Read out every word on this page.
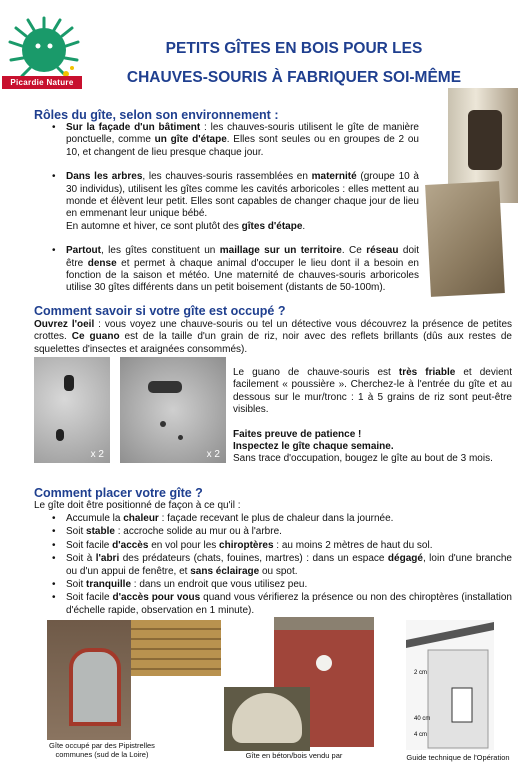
Picardie Nature
PETITS GÎTES EN BOIS POUR LES
CHAUVES-SOURIS À FABRIQUER SOI-MÊME
Rôles du gîte, selon son environnement :
• Sur la façade d'un bâtiment : les chauves-souris utilisent le gîte de manière ponctuelle, comme un gîte d'étape. Elles sont seules ou en groupes de 2 ou 10, et changent de lieu presque chaque jour.
• Dans les arbres, les chauves-souris rassemblées en maternité (groupe 10 à 30 individus), utilisent les gîtes comme les cavités arboricoles : elles mettent au monde et élèvent leur petit. Elles sont capables de changer chaque jour de lieu en emmenant leur unique bébé.
En automne et hiver, ce sont plutôt des gîtes d'étape.
• Partout, les gîtes constituent un maillage sur un territoire. Ce réseau doit être dense et permet à chaque animal d'occuper le lieu dont il a besoin en fonction de la saison et météo. Une maternité de chauves-souris arboricoles utilise 30 gîtes différents dans un petit boisement (distants de 50-100m).
Comment savoir si votre gîte est occupé ?
Ouvrez l'oeil : vous voyez une chauve-souris ou tel un détective vous découvrez la présence de petites crottes. Ce guano est de la taille d'un grain de riz, noir avec des reflets brillants (dûs aux restes de squelettes d'insectes et araignées consommés).
x 2	x 2
Le guano de chauve-souris est très friable et devient facilement « poussière ». Cherchez-le à l'entrée du gîte et au dessous sur le mur/tronc : 1 à 5 grains de riz sont peut-être visibles.
Faites preuve de patience !
Inspectez le gîte chaque semaine.
Sans trace d'occupation, bougez le gîte au bout de 3 mois.
Comment placer votre gîte ?
Le gîte doit être positionné de façon à ce qu'il :
• Accumule la chaleur : façade recevant le plus de chaleur dans la journée.
• Soit stable : accroche solide au mur ou à l'arbre.
• Soit facile d'accès en vol pour les chiroptères : au moins 2 mètres de haut du sol.
• Soit à l'abri des prédateurs (chats, fouines, martres) : dans un espace dégagé, loin d'une branche ou d'un appui de fenêtre, et sans éclairage ou spot.
• Soit tranquille : dans un endroit que vous utilisez peu.
• Soit facile d'accès pour vous quand vous vérifierez la présence ou non des chiroptères (installation d'échelle rapide, observation en 1 minute).
2 cm
40 cm
4 cm
Gîte occupé par des Pipistrelles communes (sud de la Loire)	Gîte en béton/bois vendu par	Guide technique de l'Opération
